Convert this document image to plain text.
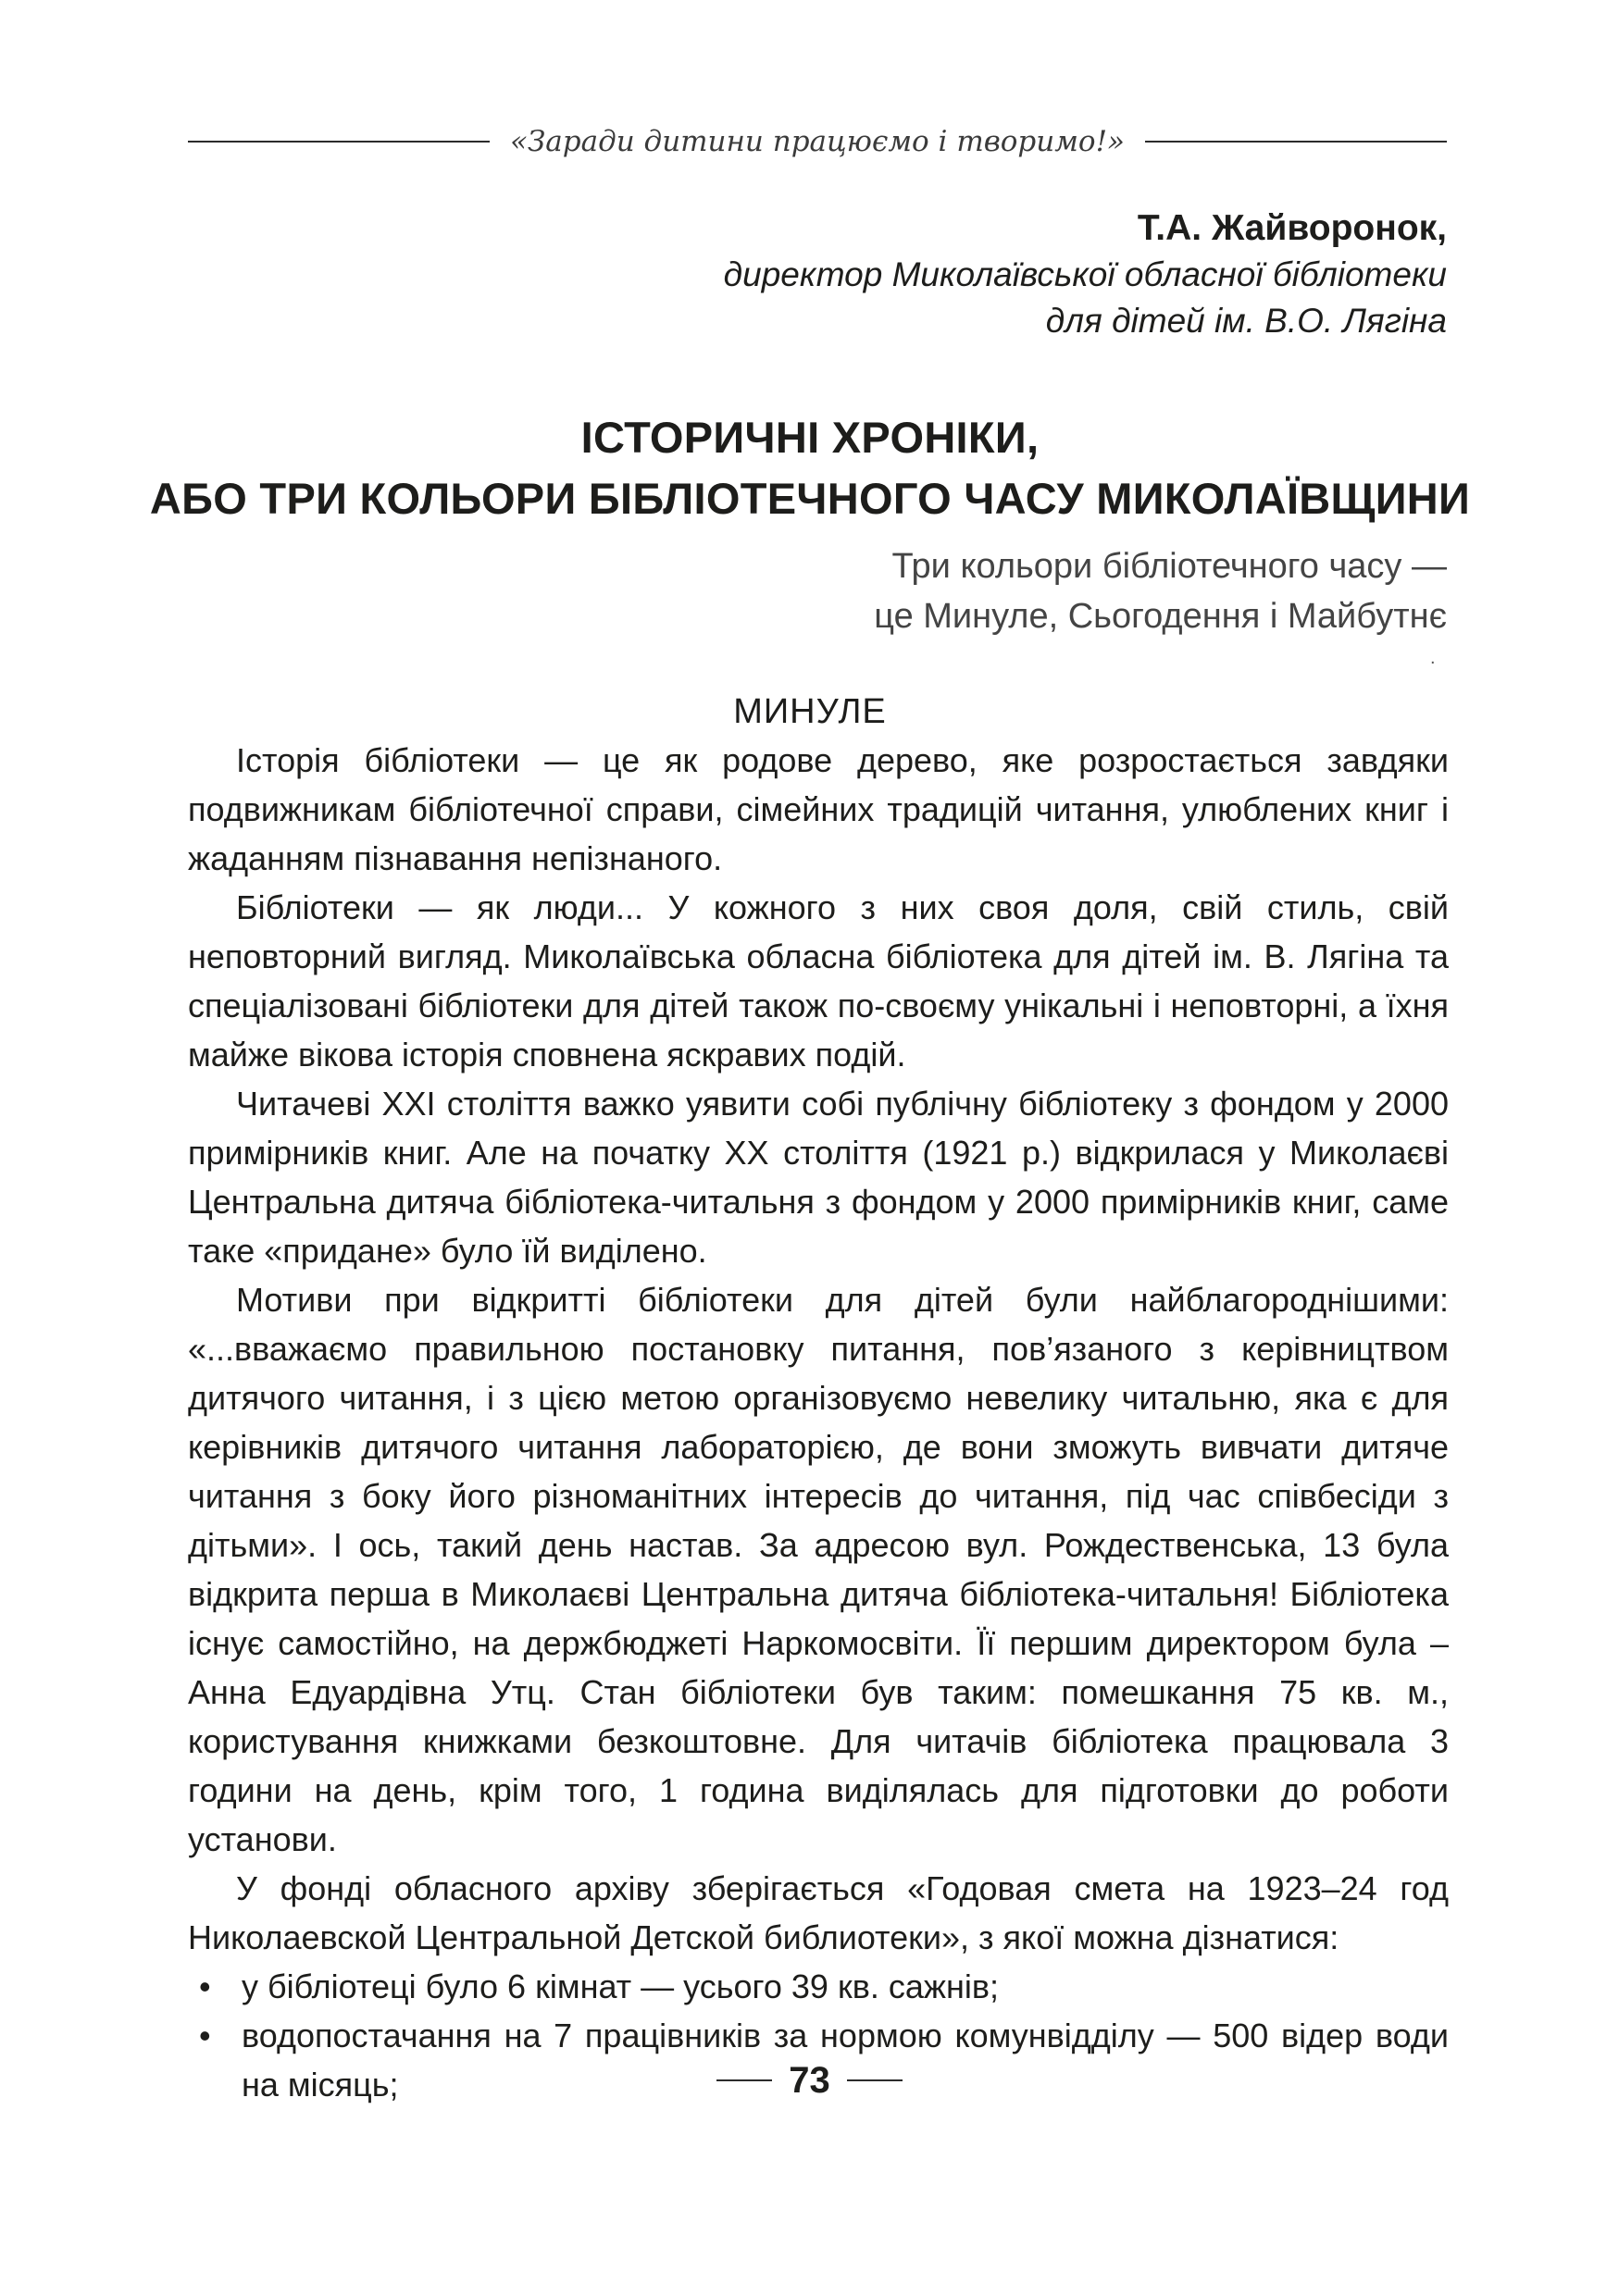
«Заради дитини працюємо і творимо!»

Т.А. Жайворонок,

директор Миколаївської обласної бібліотеки

для дітей ім. В.О. Лягіна

ІСТОРИЧНІ ХРОНІКИ,

АБО ТРИ КОЛЬОРИ БІБЛІОТЕЧНОГО ЧАСУ МИКОЛАЇВЩИНИ

Три кольори бібліотечного часу —

це Минуле, Сьогодення і Майбутнє

.

МИНУЛЕ

Історія бібліотеки — це як родове дерево, яке розростається завдяки подвижникам бібліотечної справи, сімейних традицій читання, улюблених книг і жаданням пізнавання непізнаного.

Бібліотеки — як люди... У кожного з них своя доля, свій стиль, свій неповторний вигляд. Миколаївська обласна бібліотека для дітей ім. В. Лягіна та спеціалізовані бібліотеки для дітей також по-своєму унікальні і неповторні, а їхня майже вікова історія сповнена яскравих подій.

Читачеві ХХІ століття важко уявити собі публічну бібліотеку з фондом у 2000 примірників книг. Але на початку ХХ століття (1921 р.) відкрилася у Миколаєві Центральна дитяча бібліотека-читальня з фондом у 2000 примірників книг, саме таке «придане» було їй виділено.

Мотиви при відкритті бібліотеки для дітей були найблагороднішими: «...вважаємо правильною постановку питання, пов’язаного з керівництвом дитячого читання, і з цією метою організовуємо невелику читальню, яка є для керівників дитячого читання лабораторією, де вони зможуть вивчати дитяче читання з боку його різноманітних інтересів до читання, під час співбесіди з дітьми». І ось, такий день настав. За адресою вул. Рождественська, 13 була відкрита перша в Миколаєві Центральна дитяча бібліотека-читальня! Бібліотека існує самостійно, на держбюджеті Наркомосвіти. Її першим директором була –Анна Едуардівна Утц. Стан бібліотеки був таким: помешкання 75 кв. м., користування книжками безкоштовне. Для читачів бібліотека працювала 3 години на день, крім того, 1 година виділялась для підготовки до роботи установи.

У фонді обласного архіву зберігається «Годовая смета на 1923–24 год Николаевской Центральной Детской библиотеки», з якої можна дізнатися:

• у бібліотеці було 6 кімнат — усього 39 кв. сажнів;
• водопостачання на 7 працівників за нормою комунвідділу — 500 відер води на місяць;	73
